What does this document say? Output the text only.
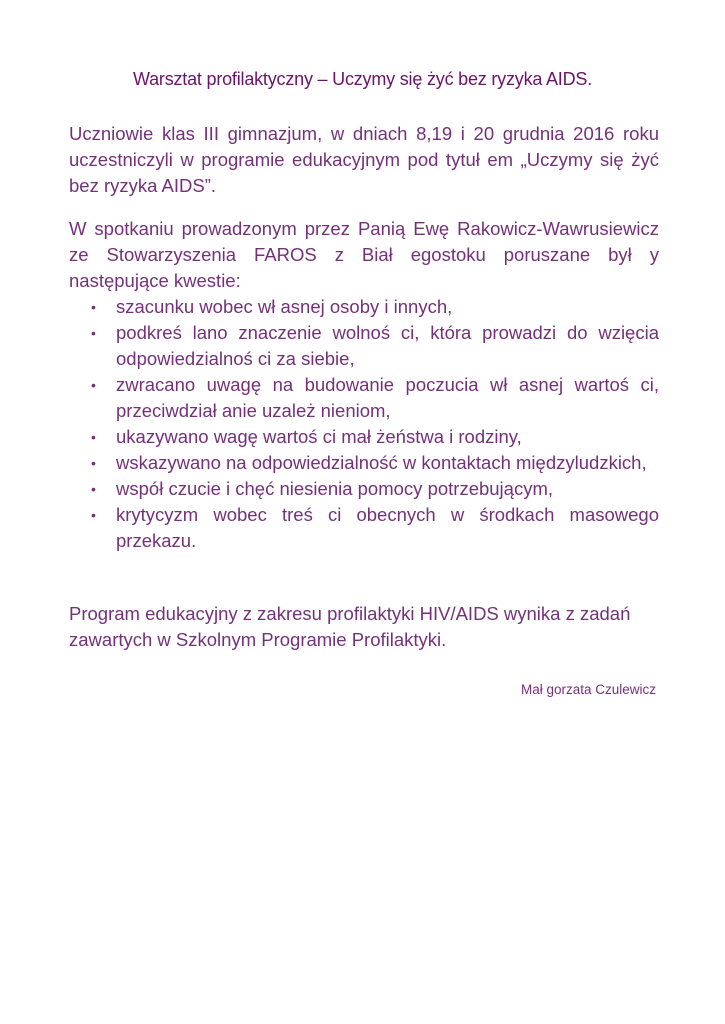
Warsztat profilaktyczny – Uczymy się żyć bez ryzyka AIDS.
Uczniowie klas III gimnazjum, w dniach 8,19 i 20 grudnia 2016 roku uczestniczyli w programie edukacyjnym pod tytuł em „Uczymy się żyć bez ryzyka AIDS”.
W spotkaniu prowadzonym przez Panią Ewę Rakowicz-Wawrusiewicz ze Stowarzyszenia FAROS z Biał egostoku poruszane był y następujące kwestie:
• szacunku wobec wł asnej osoby i innych,
• podkreś lano znaczenie wolnoś ci, która prowadzi do wzięcia odpowiedzialnoś ci za siebie,
• zwracano uwagę na budowanie poczucia wł asnej wartoś ci, przeciwdział anie uzależ nieniom,
• ukazywano wagę wartoś ci mał żeństwa i rodziny,
• wskazywano na odpowiedzialność w kontaktach międzyludzkich,
• współ czucie i chęć niesienia pomocy potrzebującym,
• krytycyzm wobec treś ci obecnych w środkach masowego przekazu.
Program edukacyjny z zakresu profilaktyki HIV/AIDS wynika z zadań zawartych w Szkolnym Programie Profilaktyki.
Mał gorzata Czulewicz
